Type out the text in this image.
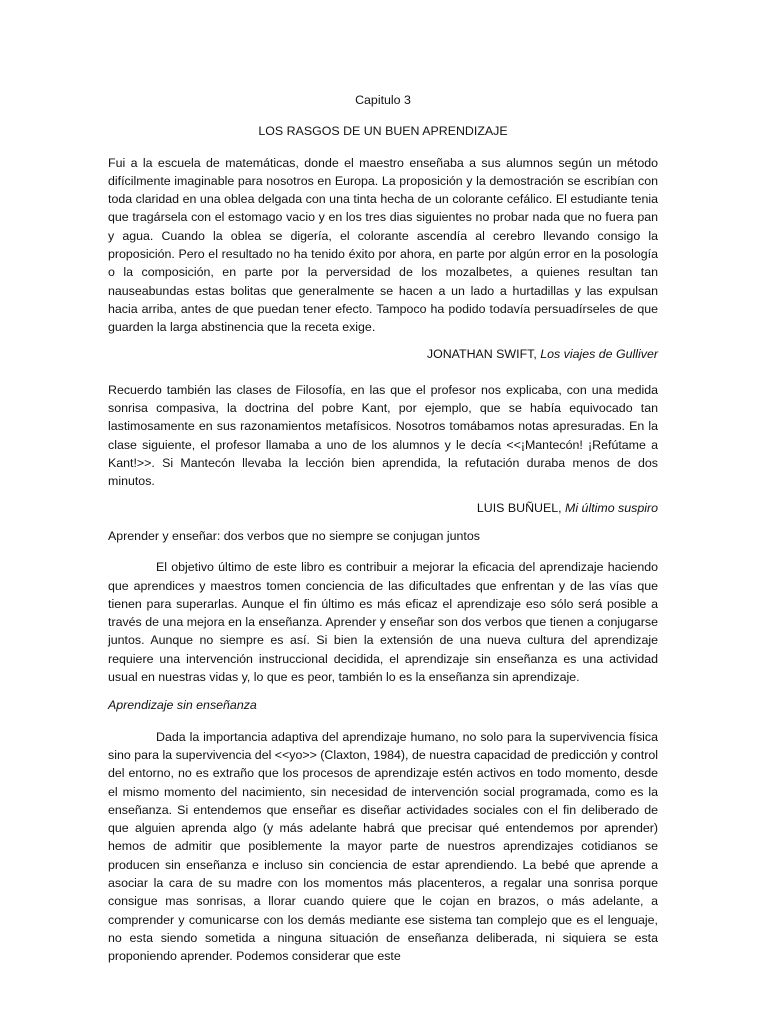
Capitulo 3

LOS RASGOS DE UN BUEN APRENDIZAJE

Fui a la escuela de matemáticas, donde el maestro enseñaba a sus alumnos según un método difícilmente imaginable para nosotros en Europa. La proposición y la demostración se escribían con toda claridad en una oblea delgada con una tinta hecha de un colorante cefálico. El estudiante tenia que tragársela con el estomago vacio y en los tres dias siguientes no probar nada que no fuera pan y agua. Cuando la oblea se digería, el colorante ascendía al cerebro llevando consigo la proposición. Pero el resultado no ha tenido éxito por ahora, en parte por algún error en la posología o la composición, en parte por la perversidad de los mozalbetes, a quienes resultan tan nauseabundas estas bolitas que generalmente se hacen a un lado a hurtadillas y las expulsan hacia arriba, antes de que puedan tener efecto. Tampoco ha podido todavía persuadírseles de que guarden la larga abstinencia que la receta exige.

JONATHAN SWIFT, Los viajes de Gulliver

Recuerdo también las clases de Filosofía, en las que el profesor nos explicaba, con una medida sonrisa compasiva, la doctrina del pobre Kant, por ejemplo, que se había equivocado tan lastimosamente en sus razonamientos metafísicos. Nosotros tomábamos notas apresuradas. En la clase siguiente, el profesor llamaba a uno de los alumnos y le decía <<¡Mantecón! ¡Refútame a Kant!>>. Si Mantecón llevaba la lección bien aprendida, la refutación duraba menos de dos minutos.

LUIS BUÑUEL, Mi último suspiro

Aprender y enseñar: dos verbos que no siempre se conjugan juntos

El objetivo último de este libro es contribuir a mejorar la eficacia del aprendizaje haciendo que aprendices y maestros tomen conciencia de las dificultades que enfrentan y de las vías que tienen para superarlas. Aunque el fin último es más eficaz el aprendizaje eso sólo será posible a través de una mejora en la enseñanza. Aprender y enseñar son dos verbos que tienen a conjugarse juntos. Aunque no siempre es así. Si bien la extensión de una nueva cultura del aprendizaje requiere una intervención instruccional decidida, el aprendizaje sin enseñanza es una actividad usual en nuestras vidas y, lo que es peor, también lo es la enseñanza sin aprendizaje.

Aprendizaje sin enseñanza

Dada la importancia adaptiva del aprendizaje humano, no solo para la supervivencia física sino para la supervivencia del <<yo>> (Claxton, 1984), de nuestra capacidad de predicción y control del entorno, no es extraño que los procesos de aprendizaje estén activos en todo momento, desde el mismo momento del nacimiento, sin necesidad de intervención social programada, como es la enseñanza. Si entendemos que enseñar es diseñar actividades sociales con el fin deliberado de que alguien aprenda algo (y más adelante habrá que precisar qué entendemos por aprender) hemos de admitir que posiblemente la mayor parte de nuestros aprendizajes cotidianos se producen sin enseñanza e incluso sin conciencia de estar aprendiendo. La bebé que aprende a asociar la cara de su madre con los momentos más placenteros, a regalar una sonrisa porque consigue mas sonrisas, a llorar cuando quiere que le cojan en brazos, o más adelante, a comprender y comunicarse con los demás mediante ese sistema tan complejo que es el lenguaje, no esta siendo sometida a ninguna situación de enseñanza deliberada, ni siquiera se esta proponiendo aprender. Podemos considerar que este
